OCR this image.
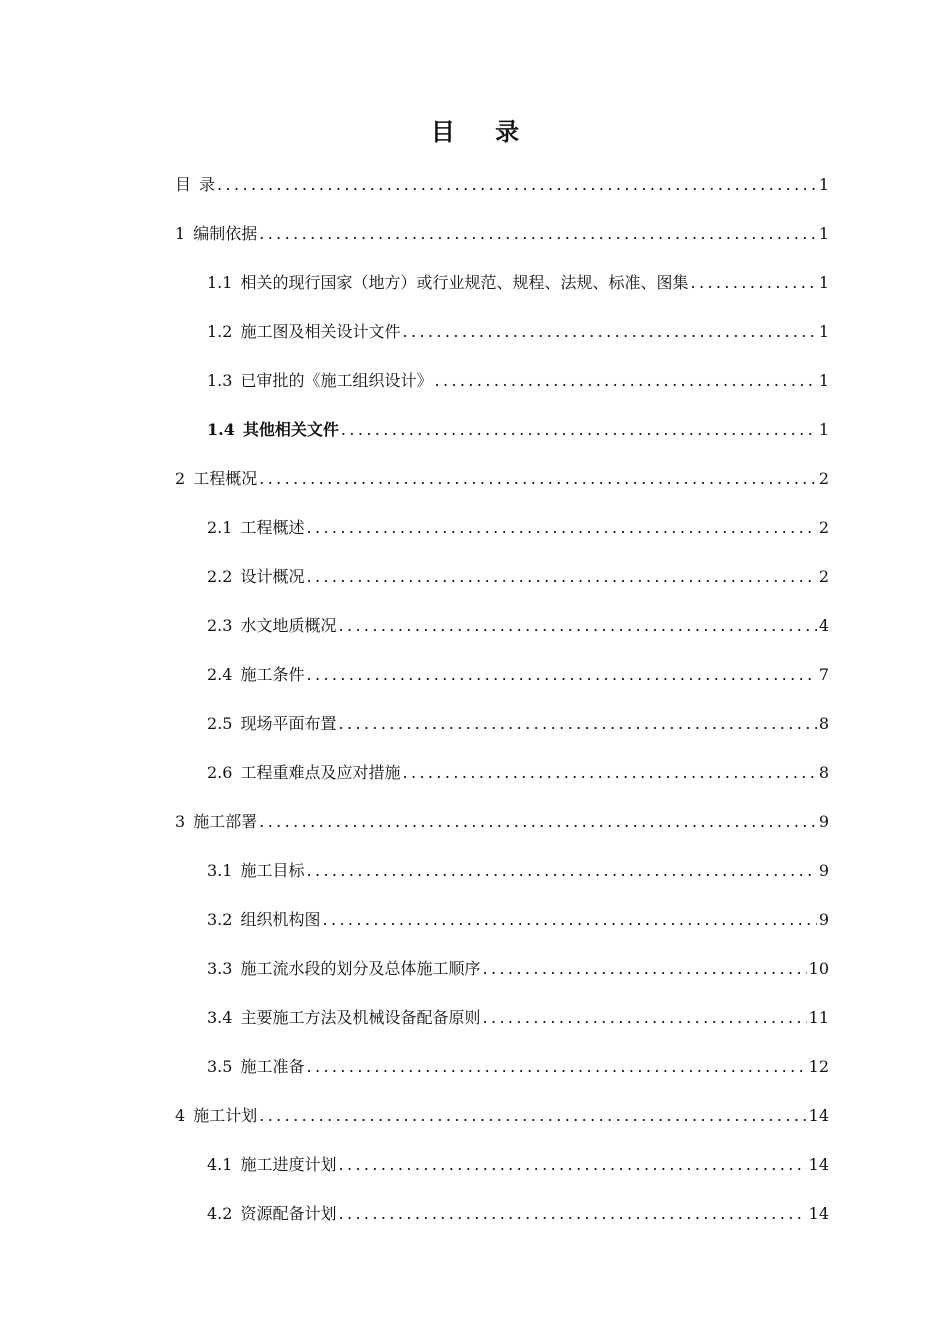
目 录
目 录 .....	1
1 编制依据 .....	1
1.1 相关的现行国家（地方）或行业规范、规程、法规、标准、图集 .....	1
1.2 施工图及相关设计文件 .....	1
1.3 已审批的《施工组织设计》 .....	1
1.4 其他相关文件 .....	1
2 工程概况 .....	2
2.1 工程概述 .....	2
2.2 设计概况 .....	2
2.3 水文地质概况 .....	4
2.4 施工条件 .....	7
2.5 现场平面布置 .....	8
2.6 工程重难点及应对措施 .....	8
3 施工部署 .....	9
3.1 施工目标 .....	9
3.2 组织机构图 .....	9
3.3 施工流水段的划分及总体施工顺序 .....	10
3.4 主要施工方法及机械设备配备原则 .....	11
3.5 施工准备 .....	12
4 施工计划 .....	14
4.1 施工进度计划 .....	14
4.2 资源配备计划 .....	14
